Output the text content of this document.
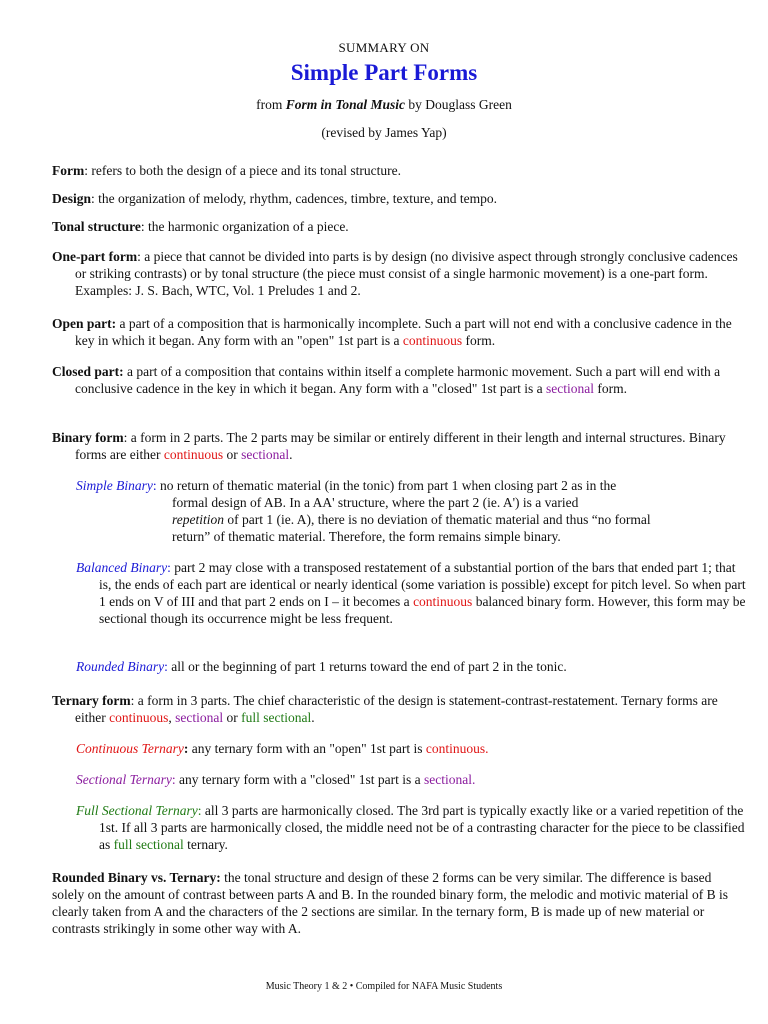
SUMMARY ON
Simple Part Forms
from Form in Tonal Music by Douglass Green
(revised by James Yap)

Form: refers to both the design of a piece and its tonal structure.

Design: the organization of melody, rhythm, cadences, timbre, texture, and tempo.

Tonal structure: the harmonic organization of a piece.

One-part form: a piece that cannot be divided into parts is by design (no divisive aspect through strongly conclusive cadences or striking contrasts) or by tonal structure (the piece must consist of a single harmonic movement) is a one-part form. Examples: J. S. Bach, WTC, Vol. 1 Preludes 1 and 2.

Open part: a part of a composition that is harmonically incomplete. Such a part will not end with a conclusive cadence in the key in which it began. Any form with an "open" 1st part is a continuous form.

Closed part: a part of a composition that contains within itself a complete harmonic movement. Such a part will end with a conclusive cadence in the key in which it began. Any form with a "closed" 1st part is a sectional form.

Binary form: a form in 2 parts. The 2 parts may be similar or entirely different in their length and internal structures. Binary forms are either continuous or sectional.

Simple Binary: no return of thematic material (in the tonic) from part 1 when closing part 2 as in the
formal design of AB. In a AA' structure, where the part 2 (ie. A') is a varied
repetition of part 1 (ie. A), there is no deviation of thematic material and thus “no formal
return” of thematic material. Therefore, the form remains simple binary.

Balanced Binary: part 2 may close with a transposed restatement of a substantial portion of the bars that ended part 1; that is, the ends of each part are identical or nearly identical (some variation is possible) except for pitch level. So when part 1 ends on V of III and that part 2 ends on I – it becomes a continuous balanced binary form. However, this form may be sectional though its occurrence might be less frequent.

Rounded Binary: all or the beginning of part 1 returns toward the end of part 2 in the tonic.

Ternary form: a form in 3 parts. The chief characteristic of the design is statement-contrast-restatement. Ternary forms are either continuous, sectional or full sectional.

Continuous Ternary: any ternary form with an "open" 1st part is continuous.

Sectional Ternary: any ternary form with a "closed" 1st part is a sectional.

Full Sectional Ternary: all 3 parts are harmonically closed. The 3rd part is typically exactly like or a varied repetition of the 1st. If all 3 parts are harmonically closed, the middle need not be of a contrasting character for the piece to be classified as full sectional ternary.

Rounded Binary vs. Ternary: the tonal structure and design of these 2 forms can be very similar. The difference is based solely on the amount of contrast between parts A and B. In the rounded binary form, the melodic and motivic material of B is clearly taken from A and the characters of the 2 sections are similar. In the ternary form, B is made up of new material or contrasts strikingly in some other way with A.

Music Theory 1 & 2 • Compiled for NAFA Music Students
